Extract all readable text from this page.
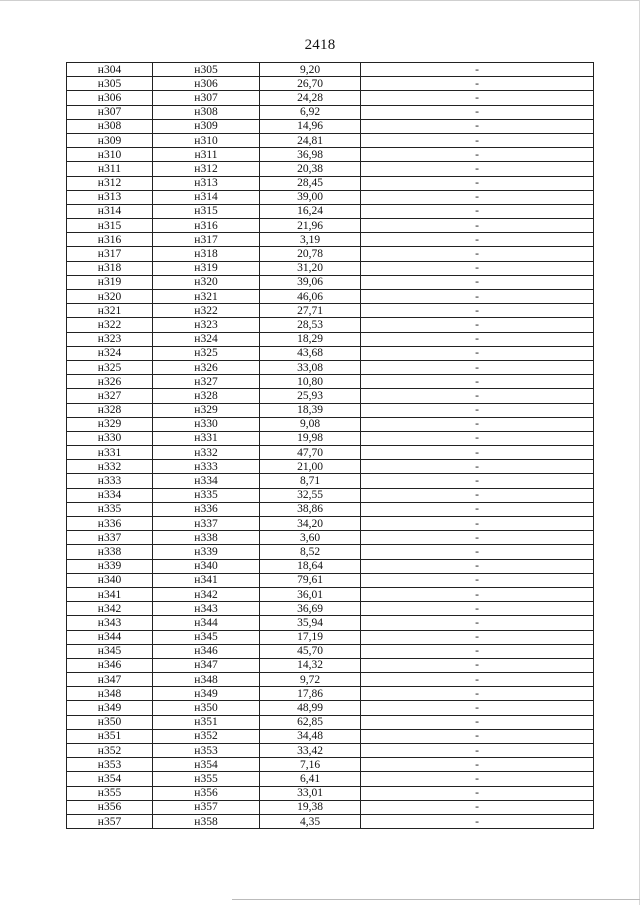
2418
н304	н305	9,20	-
н305	н306	26,70	-
н306	н307	24,28	-
н307	н308	6,92	-
н308	н309	14,96	-
н309	н310	24,81	-
н310	н311	36,98	-
н311	н312	20,38	-
н312	н313	28,45	-
н313	н314	39,00	-
н314	н315	16,24	-
н315	н316	21,96	-
н316	н317	3,19	-
н317	н318	20,78	-
н318	н319	31,20	-
н319	н320	39,06	-
н320	н321	46,06	-
н321	н322	27,71	-
н322	н323	28,53	-
н323	н324	18,29	-
н324	н325	43,68	-
н325	н326	33,08	-
н326	н327	10,80	-
н327	н328	25,93	-
н328	н329	18,39	-
н329	н330	9,08	-
н330	н331	19,98	-
н331	н332	47,70	-
н332	н333	21,00	-
н333	н334	8,71	-
н334	н335	32,55	-
н335	н336	38,86	-
н336	н337	34,20	-
н337	н338	3,60	-
н338	н339	8,52	-
н339	н340	18,64	-
н340	н341	79,61	-
н341	н342	36,01	-
н342	н343	36,69	-
н343	н344	35,94	-
н344	н345	17,19	-
н345	н346	45,70	-
н346	н347	14,32	-
н347	н348	9,72	-
н348	н349	17,86	-
н349	н350	48,99	-
н350	н351	62,85	-
н351	н352	34,48	-
н352	н353	33,42	-
н353	н354	7,16	-
н354	н355	6,41	-
н355	н356	33,01	-
н356	н357	19,38	-
н357	н358	4,35	-
